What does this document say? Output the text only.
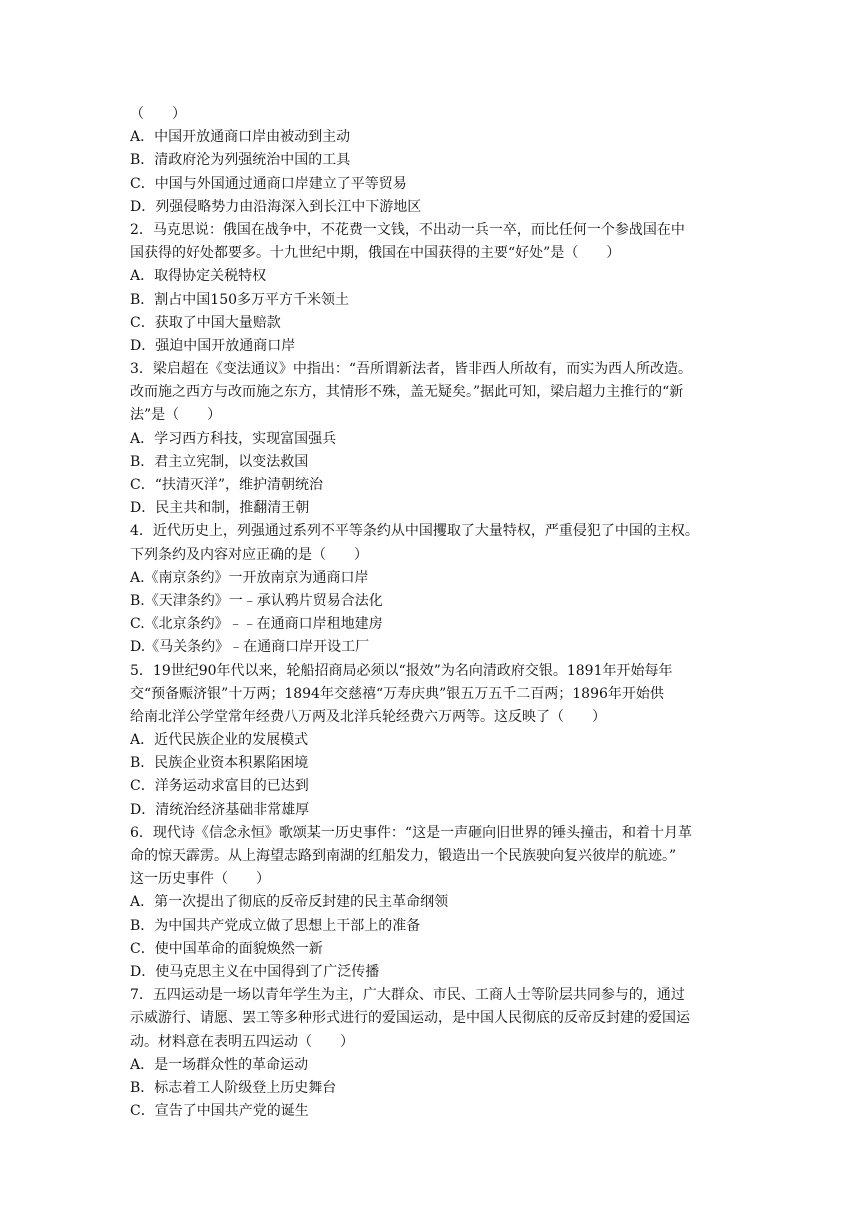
（　　）
A．中国开放通商口岸由被动到主动
B．清政府沦为列强统治中国的工具
C．中国与外国通过通商口岸建立了平等贸易
D．列强侵略势力由沿海深入到长江中下游地区
2．马克思说：俄国在战争中，不花费一文钱，不出动一兵一卒，而比任何一个参战国在中
国获得的好处都要多。十九世纪中期，俄国在中国获得的主要“好处”是（　　）
A．取得协定关税特权
B．割占中国150多万平方千米领土
C．获取了中国大量赔款
D．强迫中国开放通商口岸
3．梁启超在《变法通议》中指出：“吾所谓新法者，皆非西人所故有，而实为西人所改造。
改而施之西方与改而施之东方，其情形不殊，盖无疑矣。”据此可知，梁启超力主推行的“新
法”是（　　）
A．学习西方科技，实现富国强兵
B．君主立宪制，以变法救国
C．“扶清灭洋”，维护清朝统治
D．民主共和制，推翻清王朝
4．近代历史上，列强通过系列不平等条约从中国攫取了大量特权，严重侵犯了中国的主权。
下列条约及内容对应正确的是（　　）
A.《南京条约》一开放南京为通商口岸
B.《天津条约》一﹣承认鸦片贸易合法化
C.《北京条约》﹣﹣在通商口岸租地建房
D.《马关条约》﹣在通商口岸开设工厂
5．19世纪90年代以来，轮船招商局必须以“报效”为名向清政府交银。1891年开始每年
交“预备赈济银”十万两；1894年交慈禧“万寿庆典”银五万五千二百两；1896年开始供
给南北洋公学堂常年经费八万两及北洋兵轮经费六万两等。这反映了（　　）
A．近代民族企业的发展模式
B．民族企业资本积累陷困境
C．洋务运动求富目的已达到
D．清统治经济基础非常雄厚
6．现代诗《信念永恒》歌颂某一历史事件：“这是一声砸向旧世界的锤头撞击，和着十月革
命的惊天霹雳。从上海望志路到南湖的红船发力，锻造出一个民族驶向复兴彼岸的航迹。”
这一历史事件（　　）
A．第一次提出了彻底的反帝反封建的民主革命纲领
B．为中国共产党成立做了思想上干部上的准备
C．使中国革命的面貌焕然一新
D．使马克思主义在中国得到了广泛传播
7．五四运动是一场以青年学生为主，广大群众、市民、工商人士等阶层共同参与的，通过
示威游行、请愿、罢工等多种形式进行的爱国运动，是中国人民彻底的反帝反封建的爱国运
动。材料意在表明五四运动（　　）
A．是一场群众性的革命运动
B．标志着工人阶级登上历史舞台
C．宣告了中国共产党的诞生
